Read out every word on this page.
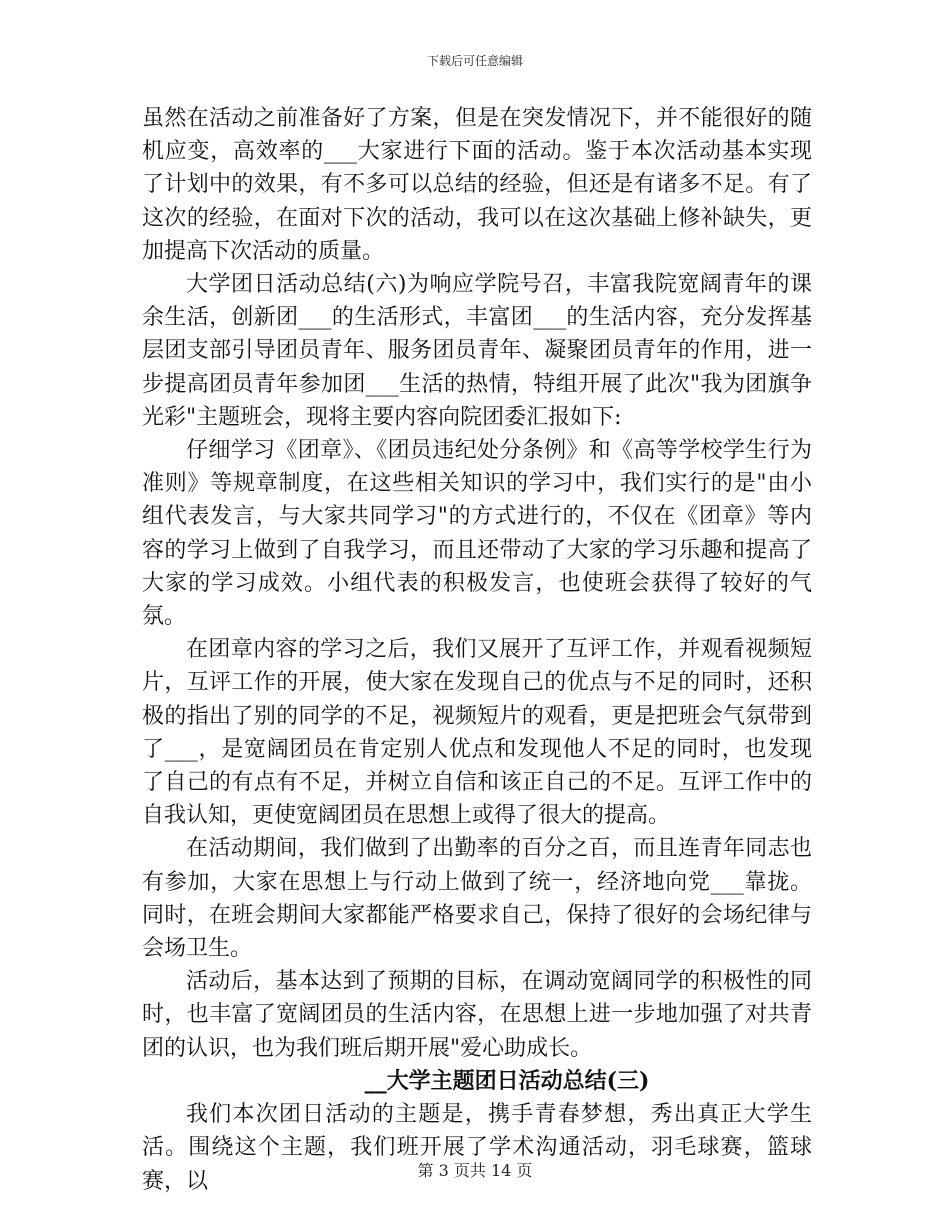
下载后可任意编辑

虽然在活动之前准备好了方案，但是在突发情况下，并不能很好的随机应变，高效率的___大家进行下面的活动。鉴于本次活动基本实现了计划中的效果，有不多可以总结的经验，但还是有诸多不足。有了这次的经验，在面对下次的活动，我可以在这次基础上修补缺失，更加提高下次活动的质量。

大学团日活动总结(六)为响应学院号召，丰富我院宽阔青年的课余生活，创新团___的生活形式，丰富团___的生活内容，充分发挥基层团支部引导团员青年、服务团员青年、凝聚团员青年的作用，进一步提高团员青年参加团___生活的热情，特组开展了此次"我为团旗争光彩"主题班会，现将主要内容向院团委汇报如下:

仔细学习《团章》、《团员违纪处分条例》和《高等学校学生行为准则》等规章制度，在这些相关知识的学习中，我们实行的是"由小组代表发言，与大家共同学习"的方式进行的，不仅在《团章》等内容的学习上做到了自我学习，而且还带动了大家的学习乐趣和提高了大家的学习成效。小组代表的积极发言，也使班会获得了较好的气氛。

在团章内容的学习之后，我们又展开了互评工作，并观看视频短片，互评工作的开展，使大家在发现自己的优点与不足的同时，还积极的指出了别的同学的不足，视频短片的观看，更是把班会气氛带到了___，是宽阔团员在肯定别人优点和发现他人不足的同时，也发现了自己的有点有不足，并树立自信和该正自己的不足。互评工作中的自我认知，更使宽阔团员在思想上或得了很大的提高。

在活动期间，我们做到了出勤率的百分之百，而且连青年同志也有参加，大家在思想上与行动上做到了统一，经济地向党___靠拢。同时，在班会期间大家都能严格要求自己，保持了很好的会场纪律与会场卫生。

活动后，基本达到了预期的目标，在调动宽阔同学的积极性的同时，也丰富了宽阔团员的生活内容，在思想上进一步地加强了对共青团的认识，也为我们班后期开展"爱心助成长。

__大学主题团日活动总结(三)

我们本次团日活动的主题是，携手青春梦想，秀出真正大学生活。围绕这个主题，我们班开展了学术沟通活动，羽毛球赛，篮球赛，以	第 3 页共 14 页
